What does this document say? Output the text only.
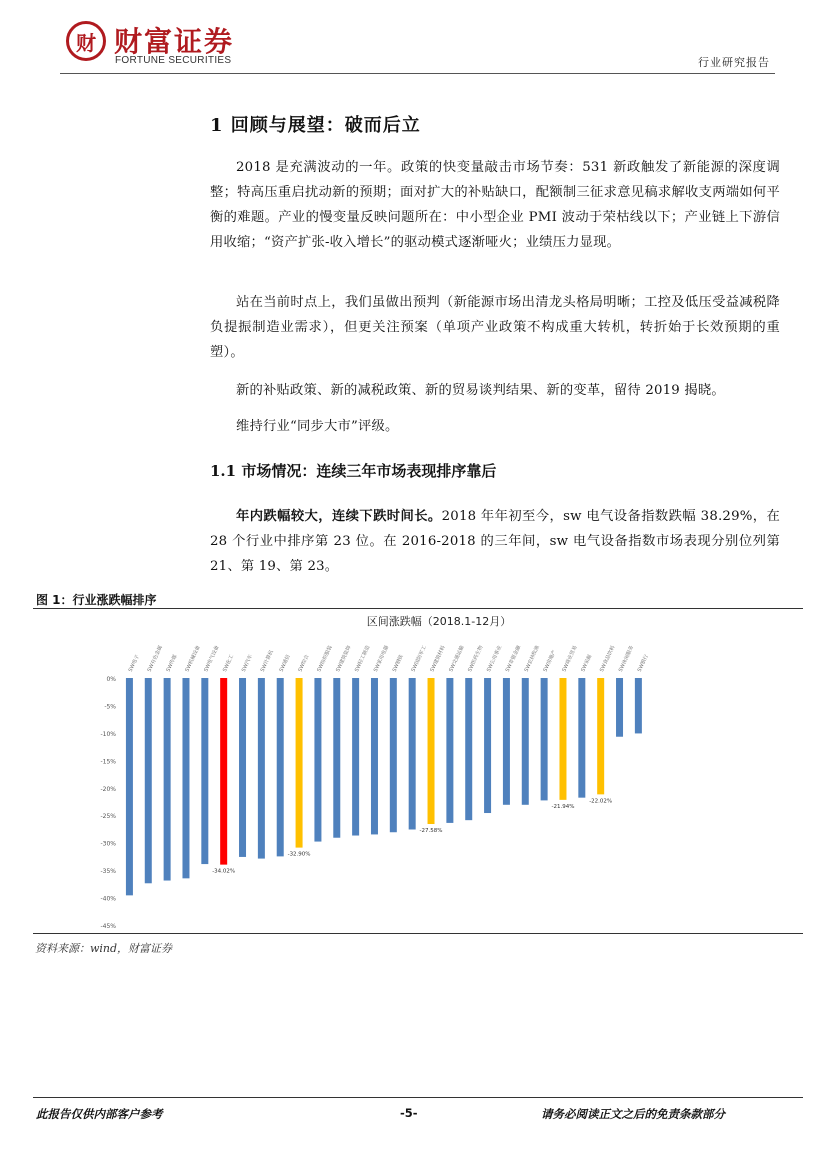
财 财富证券
FORTUNE SECURITIES	行业研究报告
1 回顾与展望：破而后立
2018 是充满波动的一年。政策的快变量敲击市场节奏：531 新政触发了新能源的深度调整；特高压重启扰动新的预期；面对扩大的补贴缺口，配额制三征求意见稿求解收支两端如何平衡的难题。产业的慢变量反映问题所在：中小型企业 PMI 波动于荣枯线以下；产业链上下游信用收缩；“资产扩张-收入增长”的驱动模式逐渐哑火；业绩压力显现。
站在当前时点上，我们虽做出预判（新能源市场出清龙头格局明晰；工控及低压受益减税降负提振制造业需求），但更关注预案（单项产业政策不构成重大转机，转折始于长效预期的重塑）。
新的补贴政策、新的减税政策、新的贸易谈判结果、新的变革，留待 2019 揭晓。
维持行业“同步大市”评级。
1.1 市场情况：连续三年市场表现排序靠后
年内跌幅较大，连续下跌时间长。2018 年年初至今，sw 电气设备指数跌幅 38.29%，在 28 个行业中排序第 23 位。在 2016-2018 的三年间，sw 电气设备指数市场表现分别位列第 21、第 19、第 23。
图 1：行业涨跌幅排序
区间涨跌幅（2018.1-12月）
0%
-5%
-10%
-15%
-20%
-25%
-30%
-35%
-40%
-45%
SW电子 SW有色金属 SW传媒 SW机械设备 SW电气设备 SW化工 SW汽车 SW计算机 SW通信 SW综合 SW纺织服装 SW建筑装饰 SW轻工制造 SW家用电器 SW钢铁 SW国防军工 SW建筑材料 SW交通运输 SW医药生物 SW公用事业 SW非银金融 SW农林牧渔 SW房地产 SW商业贸易 SW采掘 SW食品饮料 SW休闲服务 SW银行
-34.02%
-32.90%
-27.58%
-21.94%
-22.02%
资料来源：wind，财富证券
此报告仅供内部客户参考	-5-	请务必阅读正文之后的免责条款部分
